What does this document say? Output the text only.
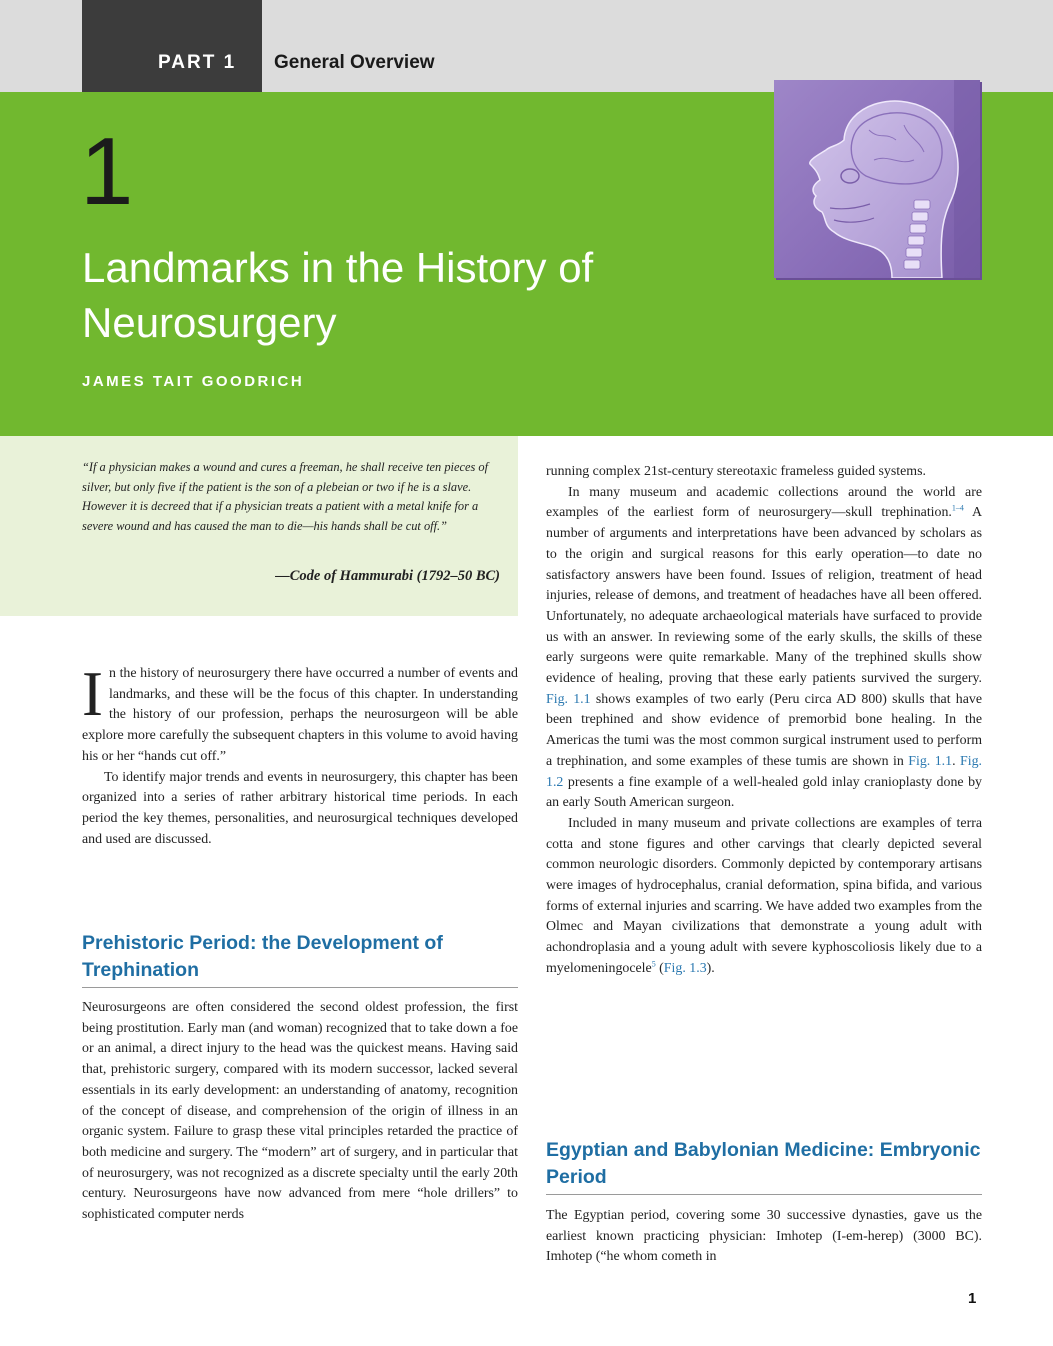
PART 1 General Overview
1
Landmarks in the History of Neurosurgery
JAMES TAIT GOODRICH

“If a physician makes a wound and cures a freeman, he shall receive ten pieces of silver, but only five if the patient is the son of a plebeian or two if he is a slave. However it is decreed that if a physician treats a patient with a metal knife for a severe wound and has caused the man to die—his hands shall be cut off.”

—Code of Hammurabi (1792–50 BC)

In the history of neurosurgery there have occurred a number of events and landmarks, and these will be the focus of this chapter. In understanding the history of our profession, perhaps the neurosurgeon will be able explore more carefully the subsequent chapters in this volume to avoid having his or her “hands cut off.”

To identify major trends and events in neurosurgery, this chapter has been organized into a series of rather arbitrary historical time periods. In each period the key themes, personalities, and neurosurgical techniques developed and used are discussed.

Prehistoric Period: the Development of Trephination

Neurosurgeons are often considered the second oldest profession, the first being prostitution. Early man (and woman) recognized that to take down a foe or an animal, a direct injury to the head was the quickest means. Having said that, prehistoric surgery, compared with its modern successor, lacked several essentials in its early development: an understanding of anatomy, recognition of the concept of disease, and comprehension of the origin of illness in an organic system. Failure to grasp these vital principles retarded the practice of both medicine and surgery. The “modern” art of surgery, and in particular that of neurosurgery, was not recognized as a discrete specialty until the early 20th century. Neurosurgeons have now advanced from mere “hole drillers” to sophisticated computer nerds

running complex 21st-century stereotaxic frameless guided systems.

In many museum and academic collections around the world are examples of the earliest form of neurosurgery—skull trephination.$^{1-4}$ A number of arguments and interpretations have been advanced by scholars as to the origin and surgical reasons for this early operation—to date no satisfactory answers have been found. Issues of religion, treatment of head injuries, release of demons, and treatment of headaches have all been offered. Unfortunately, no adequate archaeological materials have surfaced to provide us with an answer. In reviewing some of the early skulls, the skills of these early surgeons were quite remarkable. Many of the trephined skulls show evidence of healing, proving that these early patients survived the surgery. Fig. 1.1 shows examples of two early (Peru circa AD 800) skulls that have been trephined and show evidence of premorbid bone healing. In the Americas the tumi was the most common surgical instrument used to perform a trephination, and some examples of these tumis are shown in Fig. 1.1. Fig. 1.2 presents a fine example of a well-healed gold inlay cranioplasty done by an early South American surgeon.

Included in many museum and private collections are examples of terra cotta and stone figures and other carvings that clearly depicted several common neurologic disorders. Commonly depicted by contemporary artisans were images of hydrocephalus, cranial deformation, spina bifida, and various forms of external injuries and scarring. We have added two examples from the Olmec and Mayan civilizations that demonstrate a young adult with achondroplasia and a young adult with severe kyphoscoliosis likely due to a myelomeningocele$^5$ (Fig. 1.3).

Egyptian and Babylonian Medicine: Embryonic Period

The Egyptian period, covering some 30 successive dynasties, gave us the earliest known practicing physician: Imhotep (I-em-herep) (3000 BC). Imhotep (“he whom cometh in

1
